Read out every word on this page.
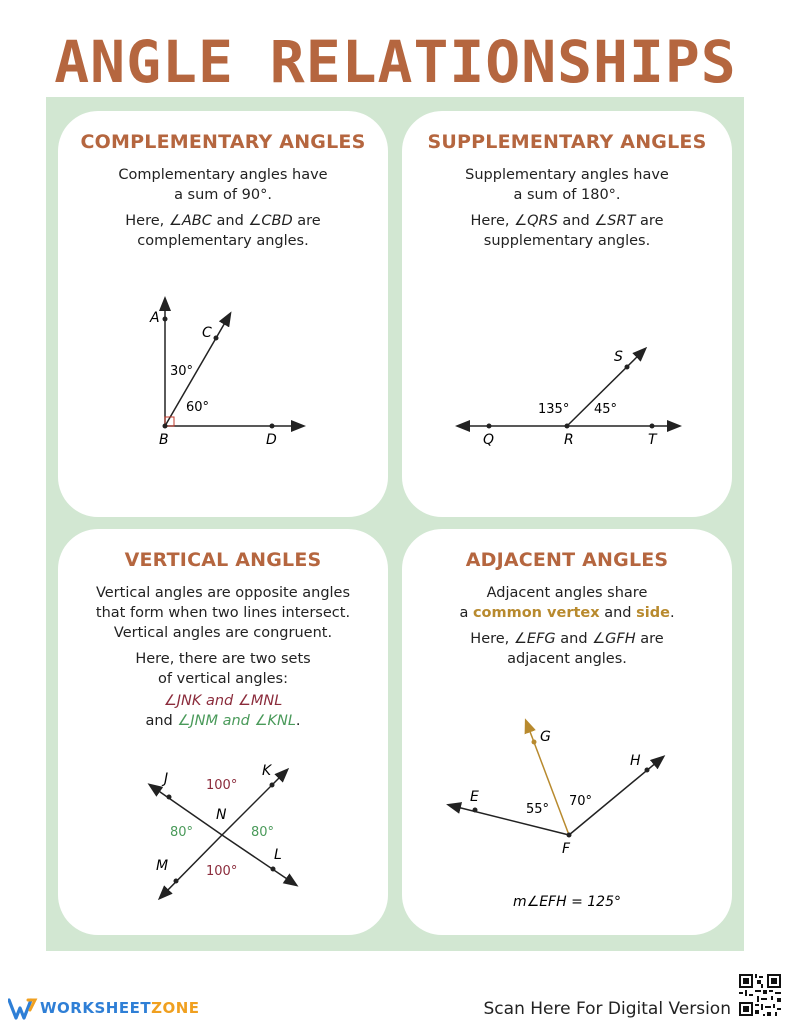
ANGLE RELATIONSHIPS
COMPLEMENTARY ANGLES
Complementary angles have
a sum of 90°.
Here, ∠ABC and ∠CBD are
complementary angles.
A
C
B	D
30°
60°
SUPPLEMENTARY ANGLES
Supplementary angles have
a sum of 180°.
Here, ∠QRS and ∠SRT are
supplementary angles.
Q	R	T
S
135° 45°
VERTICAL ANGLES
Vertical angles are opposite angles
that form when two lines intersect.
Vertical angles are congruent.
Here, there are two sets
of vertical angles:
∠JNK and ∠MNL
and ∠JNM and ∠KNL.
J	K
L
M
N
100°
100°
80°	80°
ADJACENT ANGLES
Adjacent angles share
a common vertex and side.
Here, ∠EFG and ∠GFH are
adjacent angles.
E
G
H
F
55°
70°
m∠EFH = 125°
WORKSHEETZONE	Scan Here For Digital Version
